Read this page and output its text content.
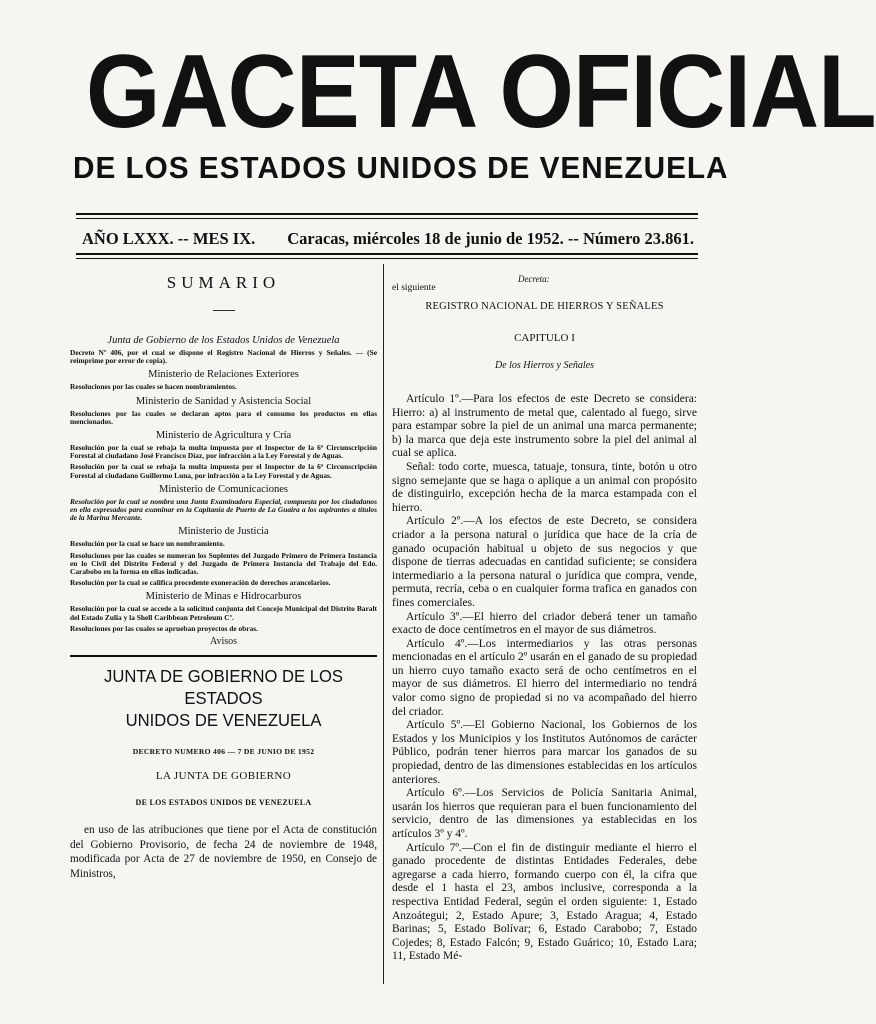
GACETA OFICIAL
DE LOS ESTADOS UNIDOS DE VENEZUELA
AÑO LXXX. -- MES IX. Caracas, miércoles 18 de junio de 1952. -- Número 23.861.
SUMARIO
Junta de Gobierno de los Estados Unidos de Venezuela
Decreto Nº 406, por el cual se dispone el Registro Nacional de Hierros y Señales. — (Se reimprime por error de copia).
Ministerio de Relaciones Exteriores
Resoluciones por las cuales se hacen nombramientos.
Ministerio de Sanidad y Asistencia Social
Resoluciones por las cuales se declaran aptos para el consumo los productos en ellas mencionados.
Ministerio de Agricultura y Cría
Resolución por la cual se rebaja la multa impuesta por el Inspector de la 6ª Circunscripción Forestal al ciudadano José Francisco Díaz, por infracción a la Ley Forestal y de Aguas.
Resolución por la cual se rebaja la multa impuesta por el Inspector de la 6ª Circunscripción Forestal al ciudadano Guillermo Luna, por infracción a la Ley Forestal y de Aguas.
Ministerio de Comunicaciones
Resolución por la cual se nombra una Junta Examinadora Especial, compuesta por los ciudadanos en ella expresados para examinar en la Capitanía de Puerto de La Guaira a los aspirantes a títulos de la Marina Mercante.
Ministerio de Justicia
Resolución por la cual se hace un nombramiento.
Resoluciones por las cuales se numeran los Suplentes del Juzgado Primero de Primera Instancia en lo Civil del Distrito Federal y del Juzgado de Primera Instancia del Trabajo del Edo. Carabobo en la forma en ellas indicadas.
Resolución por la cual se califica procedente exoneración de derechos arancelarios.
Ministerio de Minas e Hidrocarburos
Resolución por la cual se accede a la solicitud conjunta del Concejo Municipal del Distrito Baralt del Estado Zulia y la Shell Caribbean Petroleum Cº.
Resoluciones por las cuales se aprueban proyectos de obras.
Avisos
JUNTA DE GOBIERNO DE LOS ESTADOS
UNIDOS DE VENEZUELA
DECRETO NUMERO 406 — 7 DE JUNIO DE 1952
LA JUNTA DE GOBIERNO
DE LOS ESTADOS UNIDOS DE VENEZUELA

en uso de las atribuciones que tiene por el Acta de constitución del Gobierno Provisorio, de fecha 24 de noviembre de 1948, modificada por Acta de 27 de noviembre de 1950, en Consejo de Ministros,

Decreta:
el siguiente
REGISTRO NACIONAL DE HIERROS Y SEÑALES
CAPITULO I
De los Hierros y Señales

Artículo 1º.—Para los efectos de este Decreto se considera: Hierro: a) al instrumento de metal que, calentado al fuego, sirve para estampar sobre la piel de un animal una marca permanente; b) la marca que deja este instrumento sobre la piel del animal al cual se aplica.

Señal: todo corte, muesca, tatuaje, tonsura, tinte, botón u otro signo semejante que se haga o aplique a un animal con propósito de distinguirlo, excepción hecha de la marca estampada con el hierro.

Artículo 2º.—A los efectos de este Decreto, se considera criador a la persona natural o jurídica que hace de la cría de ganado ocupación habitual u objeto de sus negocios y que dispone de tierras adecuadas en cantidad suficiente; se considera intermediario a la persona natural o jurídica que compra, vende, permuta, recría, ceba o en cualquier forma trafica en ganados con fines comerciales.

Artículo 3º.—El hierro del criador deberá tener un tamaño exacto de doce centímetros en el mayor de sus diámetros.

Artículo 4º.—Los intermediarios y las otras personas mencionadas en el artículo 2º usarán en el ganado de su propiedad un hierro cuyo tamaño exacto será de ocho centímetros en el mayor de sus diámetros. El hierro del intermediario no tendrá valor como signo de propiedad si no va acompañado del hierro del criador.

Artículo 5º.—El Gobierno Nacional, los Gobiernos de los Estados y los Municipios y los Institutos Autónomos de carácter Público, podrán tener hierros para marcar los ganados de su propiedad, dentro de las dimensiones establecidas en los artículos anteriores.

Artículo 6º.—Los Servicios de Policía Sanitaria Animal, usarán los hierros que requieran para el buen funcionamiento del servicio, dentro de las dimensiones ya establecidas en los artículos 3º y 4º.

Artículo 7º.—Con el fin de distinguir mediante el hierro el ganado procedente de distintas Entidades Federales, debe agregarse a cada hierro, formando cuerpo con él, la cifra que desde el 1 hasta el 23, ambos inclusive, corresponda a la respectiva Entidad Federal, según el orden siguiente: 1, Estado Anzoátegui; 2, Estado Apure; 3, Estado Aragua; 4, Estado Barinas; 5, Estado Bolívar; 6, Estado Carabobo; 7, Estado Cojedes; 8, Estado Falcón; 9, Estado Guárico; 10, Estado Lara; 11, Estado Mé-
